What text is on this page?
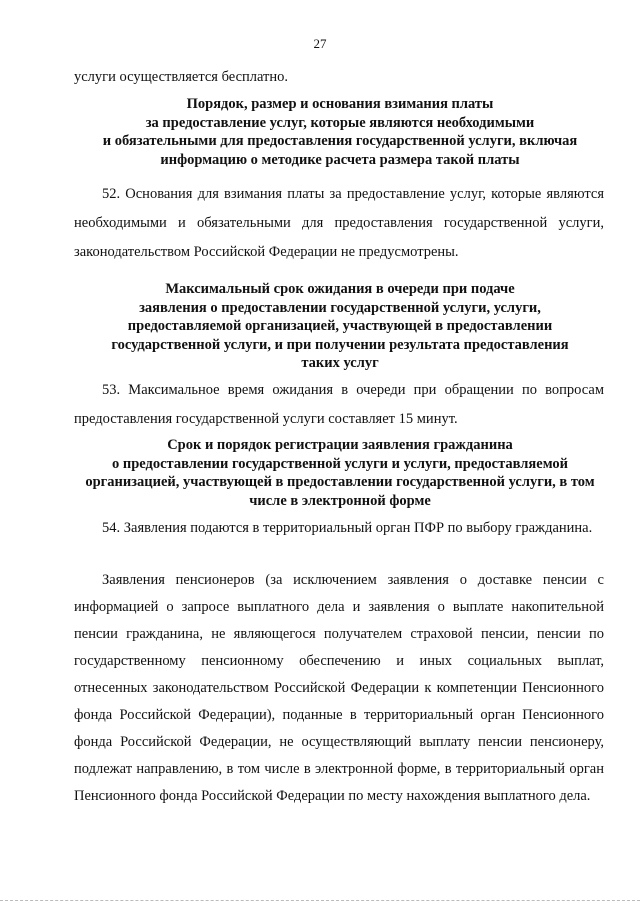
27
услуги осуществляется бесплатно.
Порядок, размер и основания взимания платы
за предоставление услуг, которые являются необходимыми
и обязательными для предоставления государственной услуги, включая
информацию о методике расчета размера такой платы
52. Основания для взимания платы за предоставление услуг, которые являются необходимыми и обязательными для предоставления государственной услуги, законодательством Российской Федерации не предусмотрены.
Максимальный срок ожидания в очереди при подаче
заявления о предоставлении государственной услуги, услуги,
предоставляемой организацией, участвующей в предоставлении
государственной услуги, и при получении результата предоставления
таких услуг
53. Максимальное время ожидания в очереди при обращении по вопросам предоставления государственной услуги составляет 15 минут.
Срок и порядок регистрации заявления гражданина
о предоставлении государственной услуги и услуги, предоставляемой
организацией, участвующей в предоставлении государственной услуги, в том
числе в электронной форме
54. Заявления подаются в территориальный орган ПФР по выбору гражданина.
Заявления пенсионеров (за исключением заявления о доставке пенсии с информацией о запросе выплатного дела и заявления о выплате накопительной пенсии гражданина, не являющегося получателем страховой пенсии, пенсии по государственному пенсионному обеспечению и иных социальных выплат, отнесенных законодательством Российской Федерации к компетенции Пенсионного фонда Российской Федерации), поданные в территориальный орган Пенсионного фонда Российской Федерации, не осуществляющий выплату пенсии пенсионеру, подлежат направлению, в том числе в электронной форме, в территориальный орган Пенсионного фонда Российской Федерации по месту нахождения выплатного дела.
